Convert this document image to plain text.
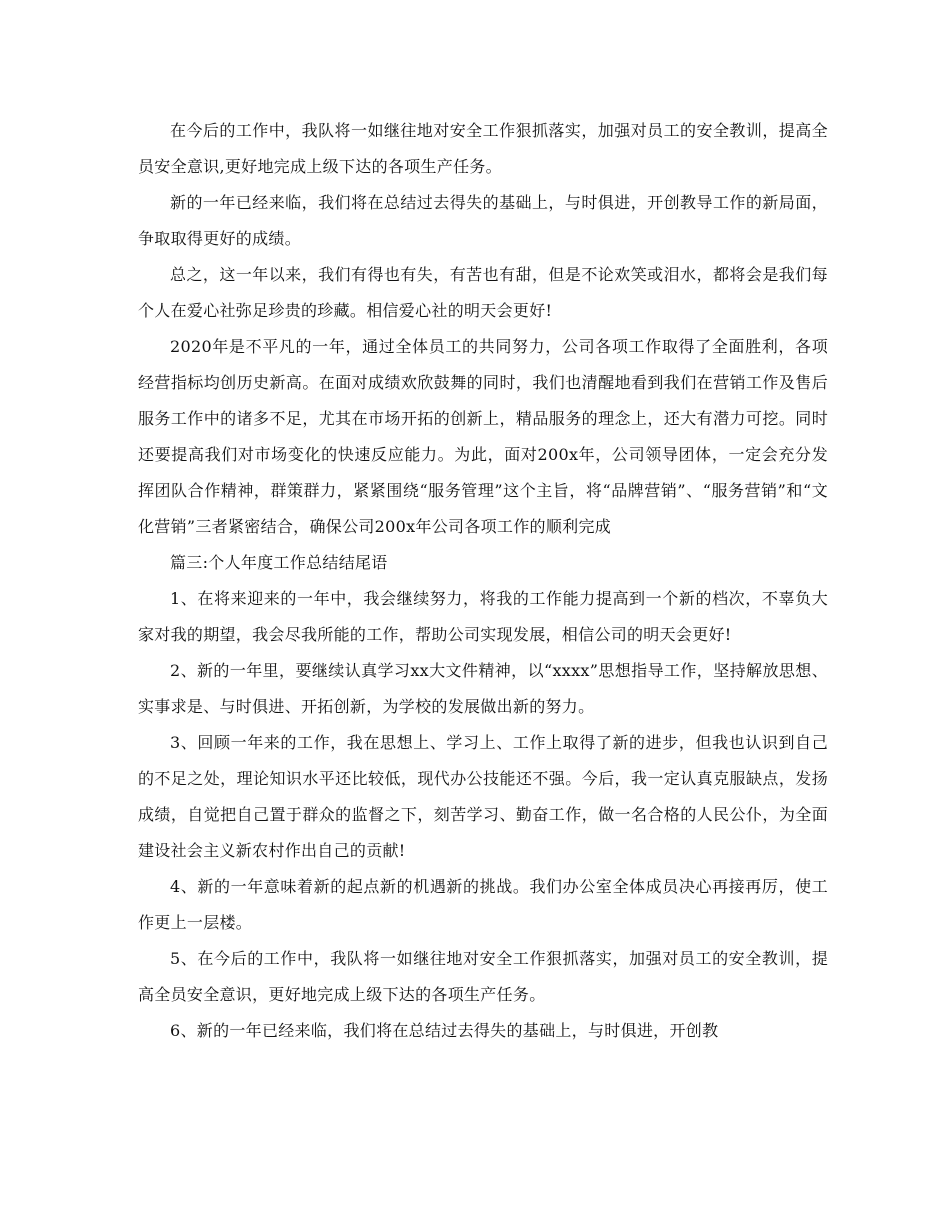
在今后的工作中，我队将一如继往地对安全工作狠抓落实，加强对员工的安全教训，提高全员安全意识,更好地完成上级下达的各项生产任务。

新的一年已经来临，我们将在总结过去得失的基础上，与时俱进，开创教导工作的新局面，争取取得更好的成绩。

总之，这一年以来，我们有得也有失，有苦也有甜，但是不论欢笑或泪水，都将会是我们每个人在爱心社弥足珍贵的珍藏。相信爱心社的明天会更好!

2020年是不平凡的一年，通过全体员工的共同努力，公司各项工作取得了全面胜利，各项经营指标均创历史新高。在面对成绩欢欣鼓舞的同时，我们也清醒地看到我们在营销工作及售后服务工作中的诸多不足，尤其在市场开拓的创新上，精品服务的理念上，还大有潜力可挖。同时还要提高我们对市场变化的快速反应能力。为此，面对200x年，公司领导团体，一定会充分发挥团队合作精神，群策群力，紧紧围绕“服务管理”这个主旨，将“品牌营销”、“服务营销”和“文化营销”三者紧密结合，确保公司200x年公司各项工作的顺利完成

篇三:个人年度工作总结结尾语

1、在将来迎来的一年中，我会继续努力，将我的工作能力提高到一个新的档次，不辜负大家对我的期望，我会尽我所能的工作，帮助公司实现发展，相信公司的明天会更好!

2、新的一年里，要继续认真学习xx大文件精神，以“xxxx”思想指导工作，坚持解放思想、实事求是、与时俱进、开拓创新，为学校的发展做出新的努力。

3、回顾一年来的工作，我在思想上、学习上、工作上取得了新的进步，但我也认识到自己的不足之处，理论知识水平还比较低，现代办公技能还不强。今后，我一定认真克服缺点，发扬成绩，自觉把自己置于群众的监督之下，刻苦学习、勤奋工作，做一名合格的人民公仆，为全面建设社会主义新农村作出自己的贡献!

4、新的一年意味着新的起点新的机遇新的挑战。我们办公室全体成员决心再接再厉，使工作更上一层楼。

5、在今后的工作中，我队将一如继往地对安全工作狠抓落实，加强对员工的安全教训，提高全员安全意识，更好地完成上级下达的各项生产任务。

6、新的一年已经来临，我们将在总结过去得失的基础上，与时俱进，开创教
